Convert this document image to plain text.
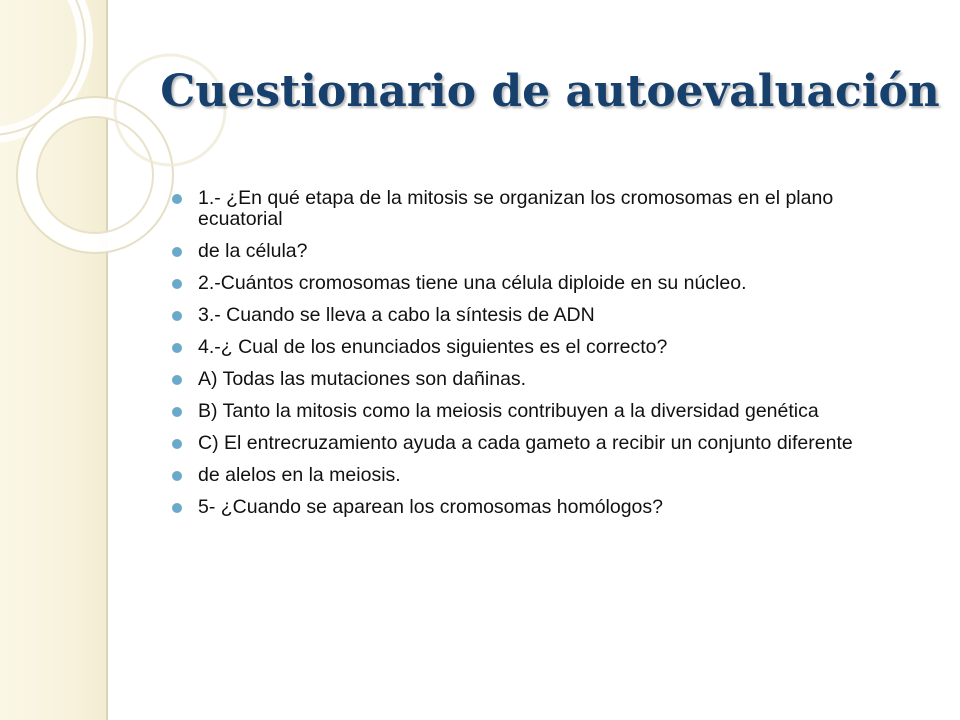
Cuestionario de autoevaluación
1.- ¿En qué etapa de la mitosis se organizan los cromosomas en el plano ecuatorial
de la célula?
2.-Cuántos cromosomas tiene una célula diploide en su núcleo.
3.- Cuando se lleva a cabo la síntesis de ADN
4.-¿ Cual de los enunciados siguientes es el correcto?
A) Todas las mutaciones son dañinas.
B) Tanto la mitosis como la meiosis contribuyen a la diversidad genética
C) El entrecruzamiento ayuda a cada gameto a recibir un conjunto diferente
de alelos en la meiosis.
5- ¿Cuando se aparean los cromosomas homólogos?
